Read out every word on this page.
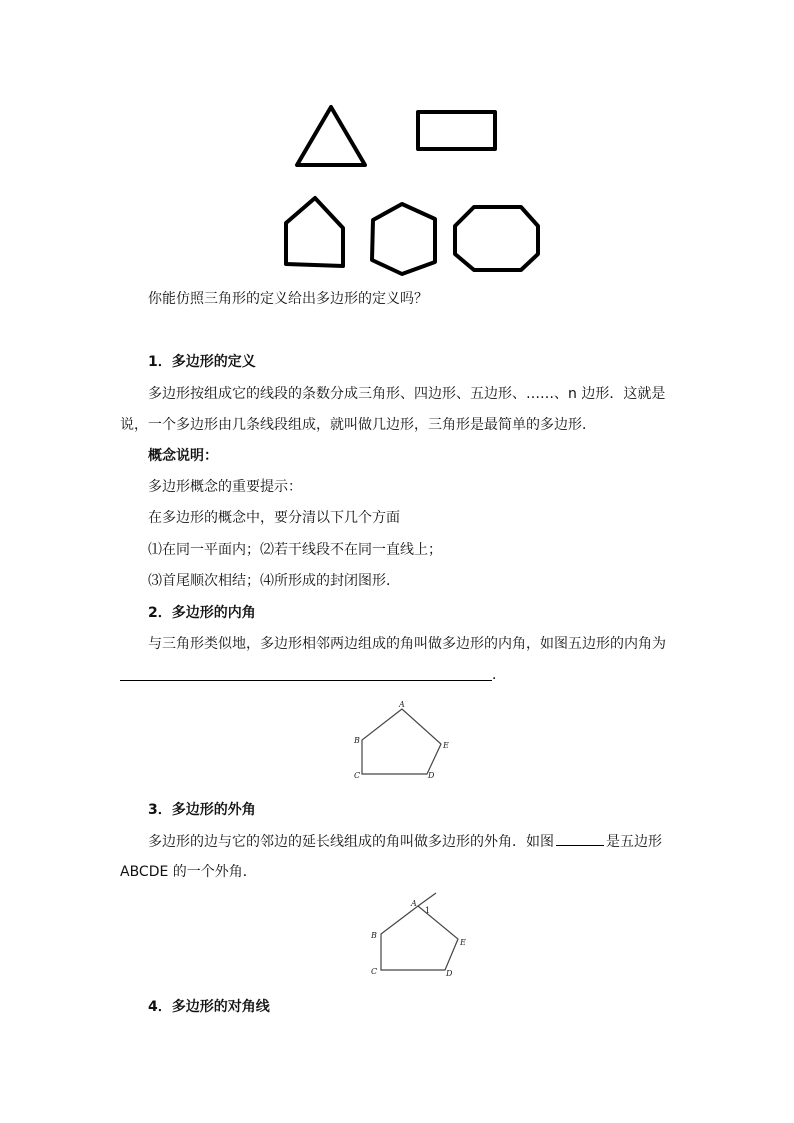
你能仿照三角形的定义给出多边形的定义吗？
1．多边形的定义
多边形按组成它的线段的条数分成三角形、四边形、五边形、……、n 边形．这就是
说，一个多边形由几条线段组成，就叫做几边形，三角形是最简单的多边形．
概念说明：
多边形概念的重要提示：
在多边形的概念中，要分清以下几个方面
⑴在同一平面内；⑵若干线段不在同一直线上；
⑶首尾顺次相结；⑷所形成的封闭图形．
2．多边形的内角
与三角形类似地，多边形相邻两边组成的角叫做多边形的内角，如图五边形的内角为
．
A
B
C	D
E
3．多边形的外角
多边形的边与它的邻边的延长线组成的角叫做多边形的外角．如图	是五边形
ABCDE 的一个外角．
A
1
B
C	D
E
4．多边形的对角线
